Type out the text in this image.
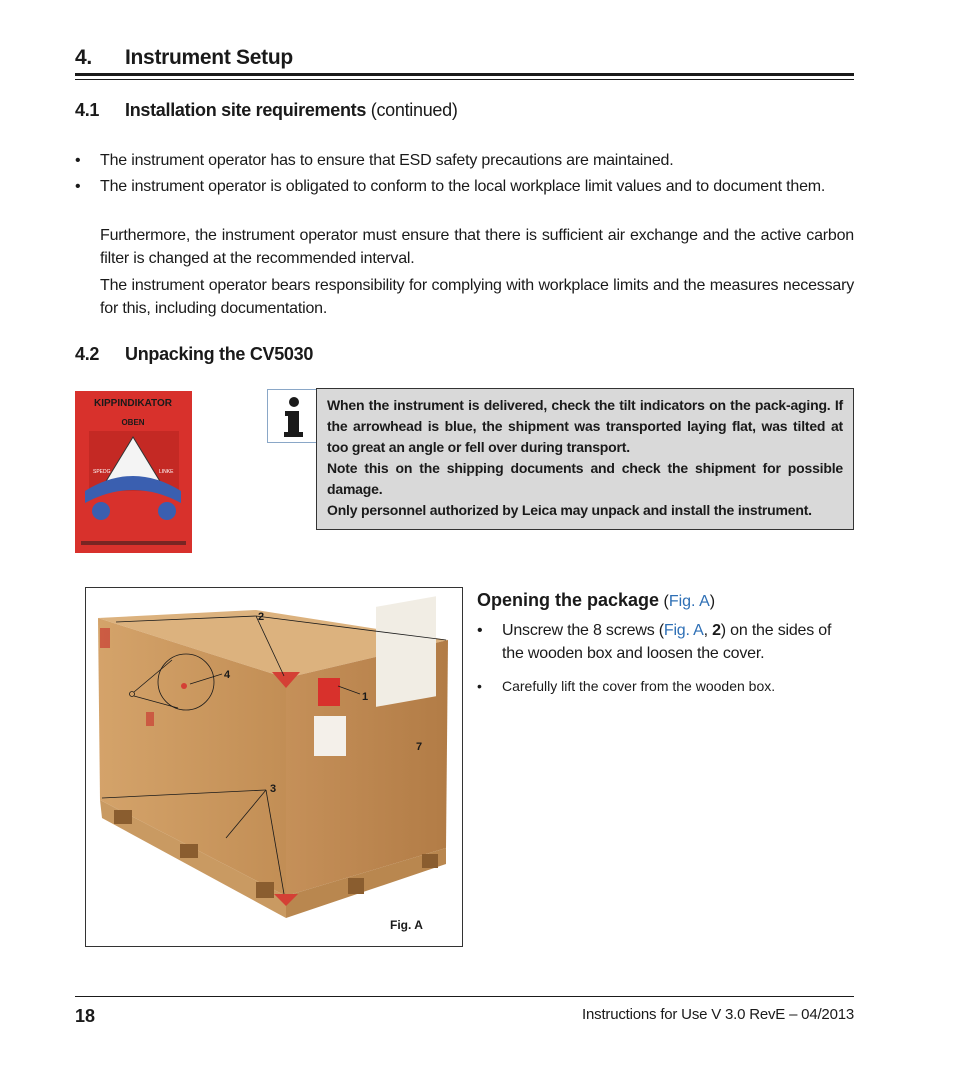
4. Instrument Setup
4.1 Installation site requirements (continued)
• The instrument operator has to ensure that ESD safety precautions are maintained.
• The instrument operator is obligated to conform to the local workplace limit values and to document them.
Furthermore, the instrument operator must ensure that there is sufficient air exchange and the active carbon filter is changed at the recommended interval.
The instrument operator bears responsibility for complying with workplace limits and the measures necessary for this, including documentation.
4.2 Unpacking the CV5030
KIPPINDIKATOR
OBEN
SPEDG	LINKE

When the instrument is delivered, check the tilt indicators on the pack-aging. If the arrowhead is blue, the shipment was transported laying flat, was tilted at too great an angle or fell over during transport.

Note this on the shipping documents and check the shipment for possible damage.

Only personnel authorized by Leica may unpack and install the instrument.

2
4
1
7
3
Fig. A
Opening the package (Fig. A)
• Unscrew the 8 screws (Fig. A, 2) on the sides of the wooden box and loosen the cover.
• Carefully lift the cover from the wooden box.
18	Instructions for Use V 3.0 RevE – 04/2013
